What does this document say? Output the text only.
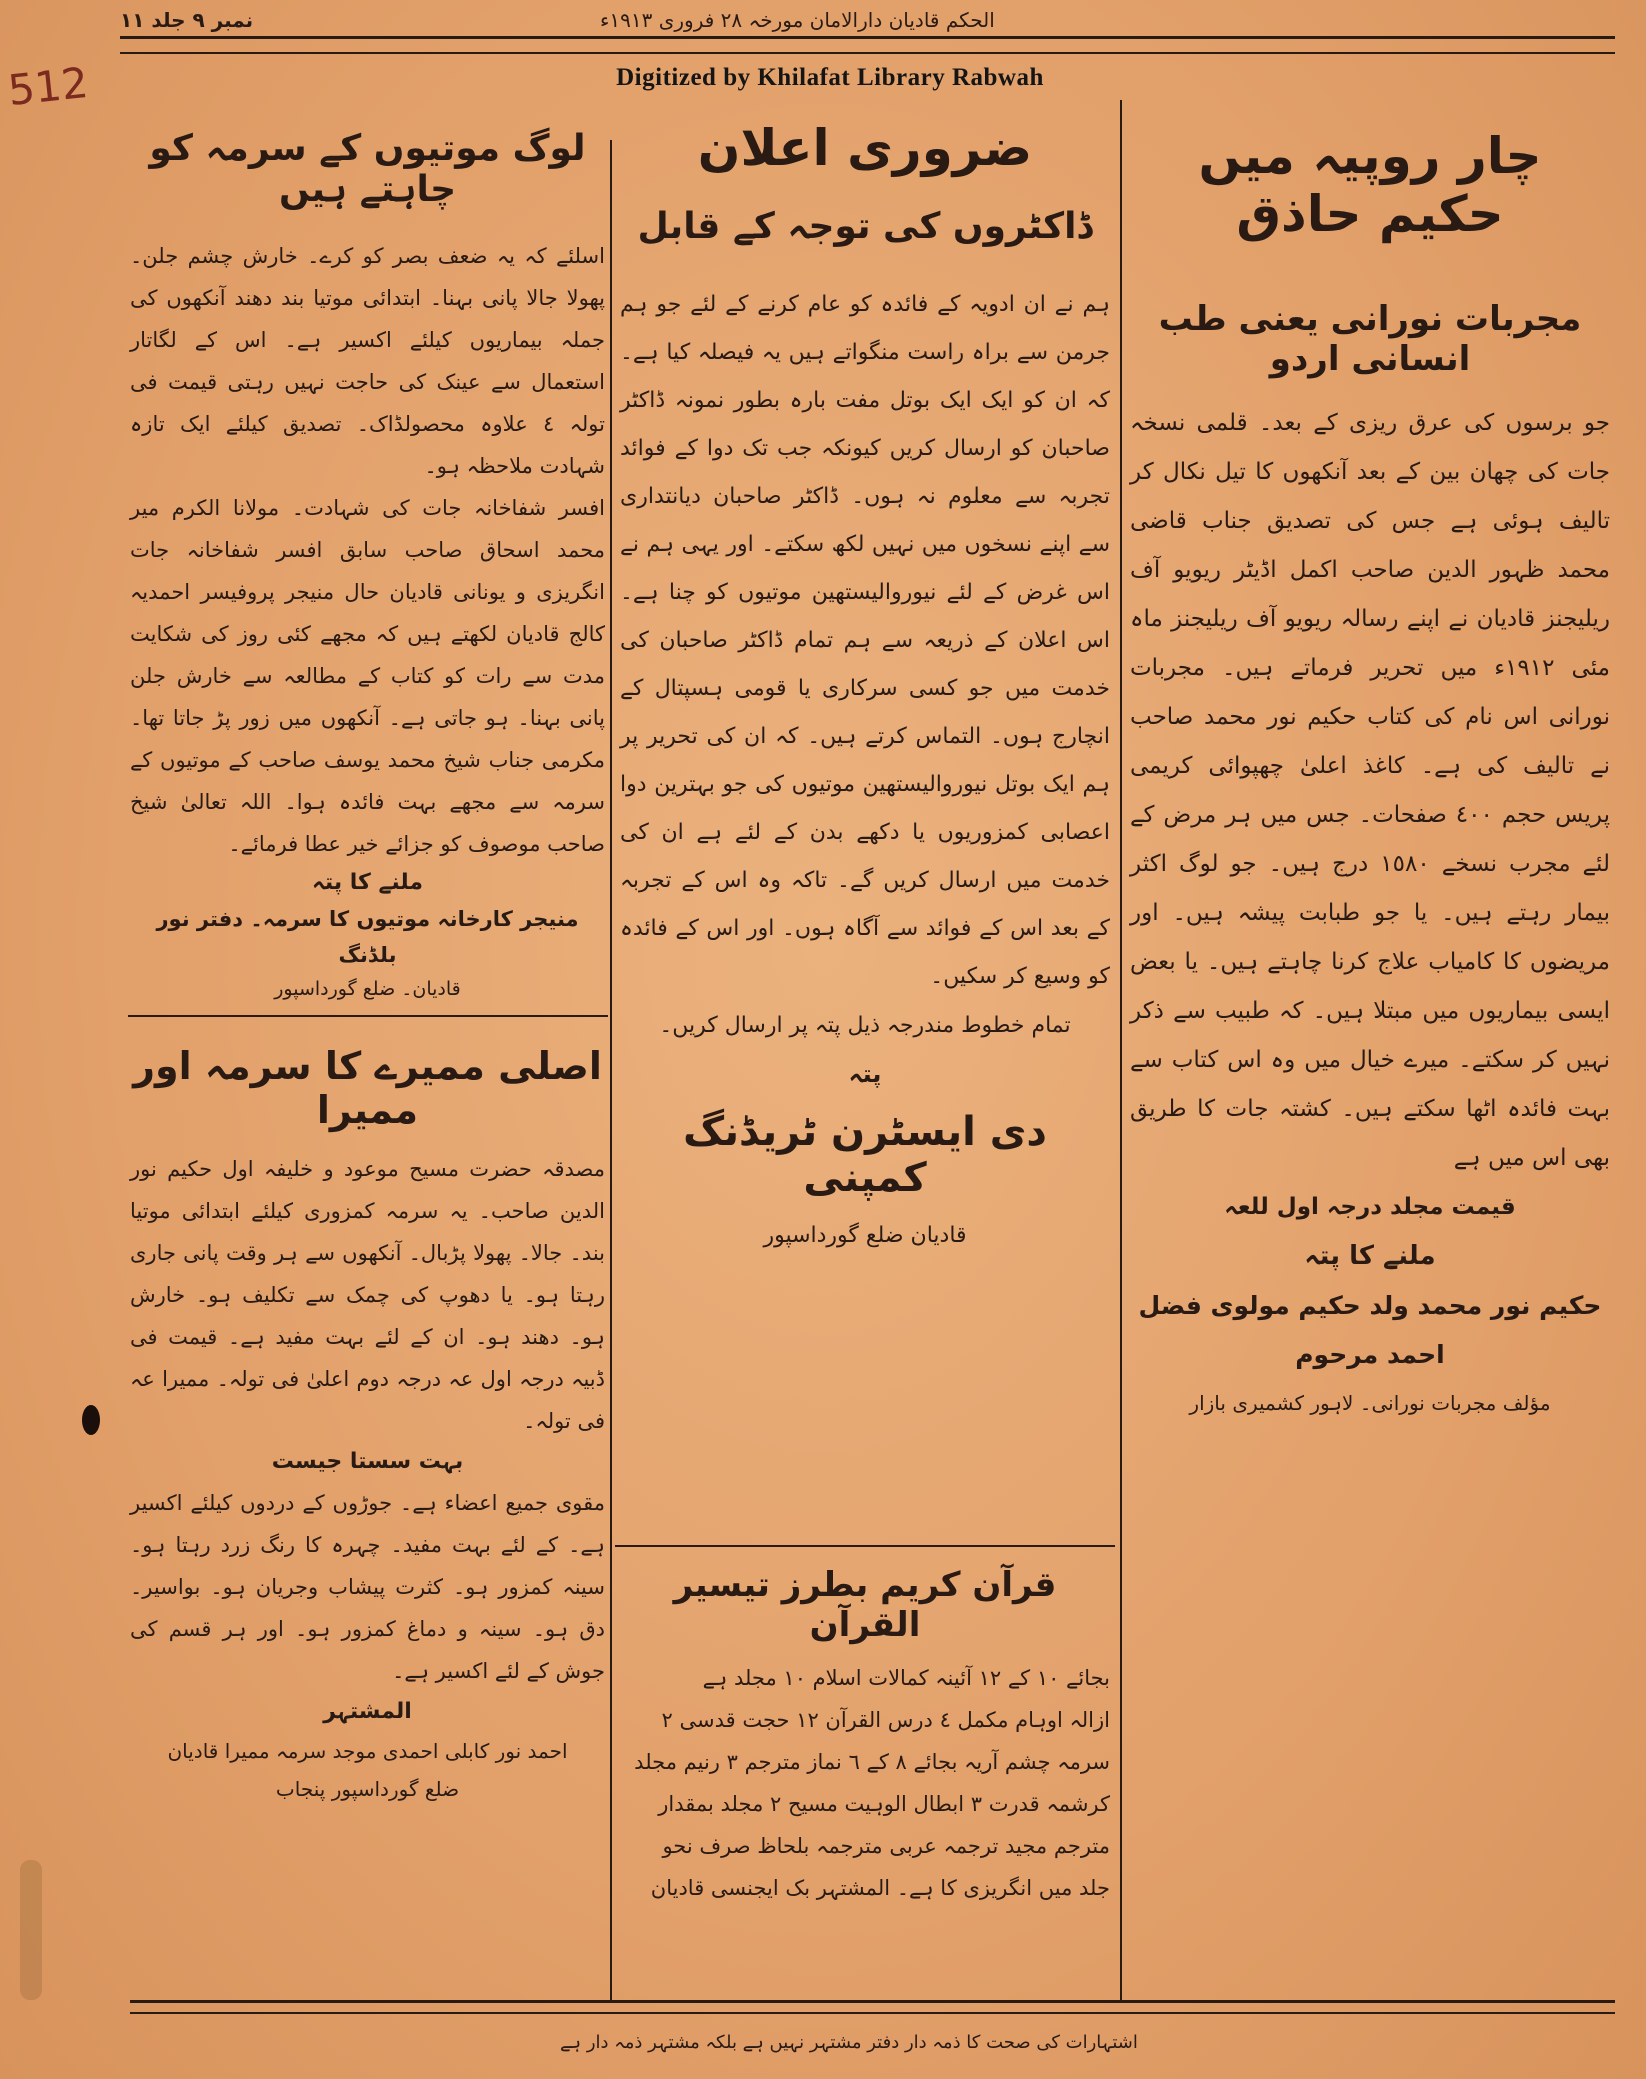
نمبر ٩ جلد ١١	الحکم قادیان دارالامان مورخہ ٢٨ فروری ١٩١٣ء
512	Digitized by Khilafat Library Rabwah
اشتہارات کی صحت کا ذمہ دار دفتر مشتہر نہیں ہے بلکہ مشتہر ذمہ دار ہے
چار روپیہ میں حکیم حاذق
مجربات نورانی یعنی طب انسانی اردو

جو برسوں کی عرق ریزی کے بعد۔ قلمی نسخہ جات کی چھان بین کے بعد آنکھوں کا تیل نکال کر تالیف ہوئی ہے جس کی تصدیق جناب قاضی محمد ظہور الدین صاحب اکمل اڈیٹر ریویو آف ریلیجنز قادیان نے اپنے رسالہ ریویو آف ریلیجنز ماہ مئی ١٩١٢ء میں تحریر فرماتے ہیں۔ مجربات نورانی اس نام کی کتاب حکیم نور محمد صاحب نے تالیف کی ہے۔ کاغذ اعلیٰ چھپوائی کریمی پریس حجم ٤٠٠ صفحات۔ جس میں ہر مرض کے لئے مجرب نسخے ١٥٨٠ درج ہیں۔ جو لوگ اکثر بیمار رہتے ہیں۔ یا جو طبابت پیشہ ہیں۔ اور مریضوں کا کامیاب علاج کرنا چاہتے ہیں۔ یا بعض ایسی بیماریوں میں مبتلا ہیں۔ کہ طبیب سے ذکر نہیں کر سکتے۔ میرے خیال میں وہ اس کتاب سے بہت فائدہ اٹھا سکتے ہیں۔ کشتہ جات کا طریق بھی اس میں ہے

قیمت مجلد درجہ اول للعہ

ملنے کا پتہ

حکیم نور محمد ولد حکیم مولوی فضل احمد مرحوم

مؤلف مجربات نورانی۔ لاہور کشمیری بازار

ضروری اعلان
ڈاکٹروں کی توجہ کے قابل

ہم نے ان ادویہ کے فائدہ کو عام کرنے کے لئے جو ہم جرمن سے براہ راست منگواتے ہیں یہ فیصلہ کیا ہے۔ کہ ان کو ایک ایک بوتل مفت بارہ بطور نمونہ ڈاکٹر صاحبان کو ارسال کریں کیونکہ جب تک دوا کے فوائد تجربہ سے معلوم نہ ہوں۔ ڈاکٹر صاحبان دیانتداری سے اپنے نسخوں میں نہیں لکھ سکتے۔ اور یہی ہم نے اس غرض کے لئے نیوروالیستھین موتیوں کو چنا ہے۔ اس اعلان کے ذریعہ سے ہم تمام ڈاکٹر صاحبان کی خدمت میں جو کسی سرکاری یا قومی ہسپتال کے انچارج ہوں۔ التماس کرتے ہیں۔ کہ ان کی تحریر پر ہم ایک بوتل نیوروالیستھین موتیوں کی جو بہترین دوا اعصابی کمزوریوں یا دکھے بدن کے لئے ہے ان کی خدمت میں ارسال کریں گے۔ تاکہ وہ اس کے تجربہ کے بعد اس کے فوائد سے آگاہ ہوں۔ اور اس کے فائدہ کو وسیع کر سکیں۔

تمام خطوط مندرجہ ذیل پتہ پر ارسال کریں۔

پتہ

دی ایسٹرن ٹریڈنگ کمپنی

قادیان ضلع گورداسپور

قرآن کریم بطرز تیسیر القرآن

بجائے ١٠ کے ١٢ آئینہ کمالات اسلام ١٠ مجلد ہے

ازالہ اوہام مکمل ٤ درس القرآن ١٢ حجت قدسی ٢

سرمہ چشم آریہ بجائے ٨ کے ٦ نماز مترجم ٣ رنیم مجلد

کرشمہ قدرت ٣ ابطال الوہیت مسیح ٢ مجلد بمقدار

مترجم مجید ترجمہ عربی مترجمہ بلحاظ صرف نحو

جلد میں انگریزی کا ہے۔ المشتہر بک ایجنسی قادیان

لوگ موتیوں کے سرمہ کو چاہتے ہیں

اسلئے کہ یہ ضعف بصر کو کرے۔ خارش چشم جلن۔ پھولا جالا پانی بہنا۔ ابتدائی موتیا بند دھند آنکھوں کی جملہ بیماریوں کیلئے اکسیر ہے۔ اس کے لگاتار استعمال سے عینک کی حاجت نہیں رہتی قیمت فی تولہ ٤ علاوہ محصولڈاک۔ تصدیق کیلئے ایک تازہ شہادت ملاحظہ ہو۔

افسر شفاخانہ جات کی شہادت۔ مولانا الکرم میر محمد اسحاق صاحب سابق افسر شفاخانہ جات انگریزی و یونانی قادیان حال منیجر پروفیسر احمدیہ کالج قادیان لکھتے ہیں کہ مجھے کئی روز کی شکایت مدت سے رات کو کتاب کے مطالعہ سے خارش جلن پانی بہنا۔ ہو جاتی ہے۔ آنکھوں میں زور پڑ جاتا تھا۔ مکرمی جناب شیخ محمد یوسف صاحب کے موتیوں کے سرمہ سے مجھے بہت فائدہ ہوا۔ اللہ تعالیٰ شیخ صاحب موصوف کو جزائے خیر عطا فرمائے۔

ملنے کا پتہ

منیجر کارخانہ موتیوں کا سرمہ۔ دفتر نور بلڈنگ

قادیان۔ ضلع گورداسپور

اصلی ممیرے کا سرمہ اور ممیرا

مصدقہ حضرت مسیح موعود و خلیفہ اول حکیم نور الدین صاحب۔ یہ سرمہ کمزوری کیلئے ابتدائی موتیا بند۔ جالا۔ پھولا پڑبال۔ آنکھوں سے ہر وقت پانی جاری رہتا ہو۔ یا دھوپ کی چمک سے تکلیف ہو۔ خارش ہو۔ دھند ہو۔ ان کے لئے بہت مفید ہے۔ قیمت فی ڈبیہ درجہ اول عہ درجہ دوم اعلیٰ فی تولہ۔ ممیرا عہ فی تولہ۔

بہت سستا جیست

مقوی جمیع اعضاء ہے۔ جوڑوں کے دردوں کیلئے اکسیر ہے۔ کے لئے بہت مفید۔ چہرہ کا رنگ زرد رہتا ہو۔ سینہ کمزور ہو۔ کثرت پیشاب وجریان ہو۔ بواسیر۔ دق ہو۔ سینہ و دماغ کمزور ہو۔ اور ہر قسم کی جوش کے لئے اکسیر ہے۔

المشتہر

احمد نور کابلی احمدی موجد سرمہ ممیرا قادیان

ضلع گورداسپور پنجاب
